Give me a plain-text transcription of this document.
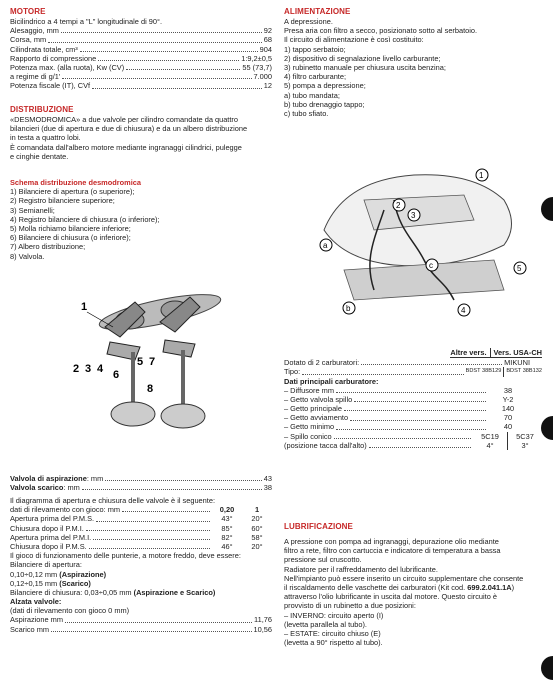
MOTORE
Bicilindrico a 4 tempi a "L" longitudinale di 90°.
Alesaggio, mm	92
Corsa, mm	68
Cilindrata totale, cm³	904
Rapporto di compressione	1:9,2±0,5
Potenza max. (alla ruota), Kw (CV)	55 (73,7)
a regime di g/1'	7.000
Potenza fiscale (IT), CVf	12
DISTRIBUZIONE
«DESMODROMICA» a due valvole per cilindro comandate da quattro
bilancieri (due di apertura e due di chiusura) e da un albero distribuzione
in testa a quattro lobi.
È comandata dall'albero motore mediante ingranaggi cilindrici, pulegge
e cinghie dentate.
Schema distribuzione desmodromica
1) Bilanciere di apertura (o superiore);
2) Registro bilanciere superiore;
3) Semianelli;
4) Registro bilanciere di chiusura (o inferiore);
5) Molla richiamo bilanciere inferiore;
6) Bilanciere di chiusura (o inferiore);
7) Albero distribuzione;
8) Valvola.
1
2 3 4 6
5 7
8
Valvola di aspirazione: mm	43
Valvola scarico: mm	38
Il diagramma di apertura e chiusura delle valvole è il seguente:
dati di rilevamento con gioco: mm	0,20	1
Apertura prima del P.M.S.	43°	20°
Chiusura dopo il P.M.I.	85°	60°
Apertura prima del P.M.I.	82°	58°
Chiusura dopo il P.M.S.	46°	20°
Il gioco di funzionamento delle punterie, a motore freddo, deve essere:
Bilanciere di apertura:
0,10÷0,12 mm (Aspirazione)
0,12÷0,15 mm (Scarico)
Bilanciere di chiusura: 0,03÷0,05 mm (Aspirazione e Scarico)
Alzata valvole:
(dati di rilevamento con gioco 0 mm)
Aspirazione mm	11,76
Scarico mm	10,56
ALIMENTAZIONE
A depressione.
Presa aria con filtro a secco, posizionato sotto al serbatoio.
Il circuito di alimentazione è così costituito:
1) tappo serbatoio;
2) dispositivo di segnalazione livello carburante;
3) rubinetto manuale per chiusura uscita benzina;
4) filtro carburante;
5) pompa a depressione;
a) tubo mandata;
b) tubo drenaggio tappo;
c) tubo sfiato.
1
2
3
a
c	5
b	4
Altre vers. Vers. USA-CH
Dotato di 2 carburatori:	MIKUNI
Tipo:	BDST 38B129 BDST 38B132
Dati principali carburatore:
– Diffusore mm	38
– Getto valvola spillo	Y-2
– Getto principale	140
– Getto avviamento	70
– Getto minimo	40
– Spillo conico	5C19	5C37
(posizione tacca dall'alto)	4°	3°
LUBRIFICAZIONE
A pressione con pompa ad ingranaggi, depurazione olio mediante
filtro a rete, filtro con cartuccia e indicatore di temperatura a bassa
pressione sul cruscotto.
Radiatore per il raffreddamento del lubrificante.
Nell'impianto può essere inserito un circuito supplementare che consente
il riscaldamento delle vaschette dei carburatori (Kit cod. 699.2.041.1A)
attraverso l'olio lubrificante in uscita dal motore. Questo circuito è
provvisto di un rubinetto a due posizioni:
– INVERNO: circuito aperto (I)
(levetta parallela al tubo).
– ESTATE: circuito chiuso (E)
(levetta a 90° rispetto al tubo).
